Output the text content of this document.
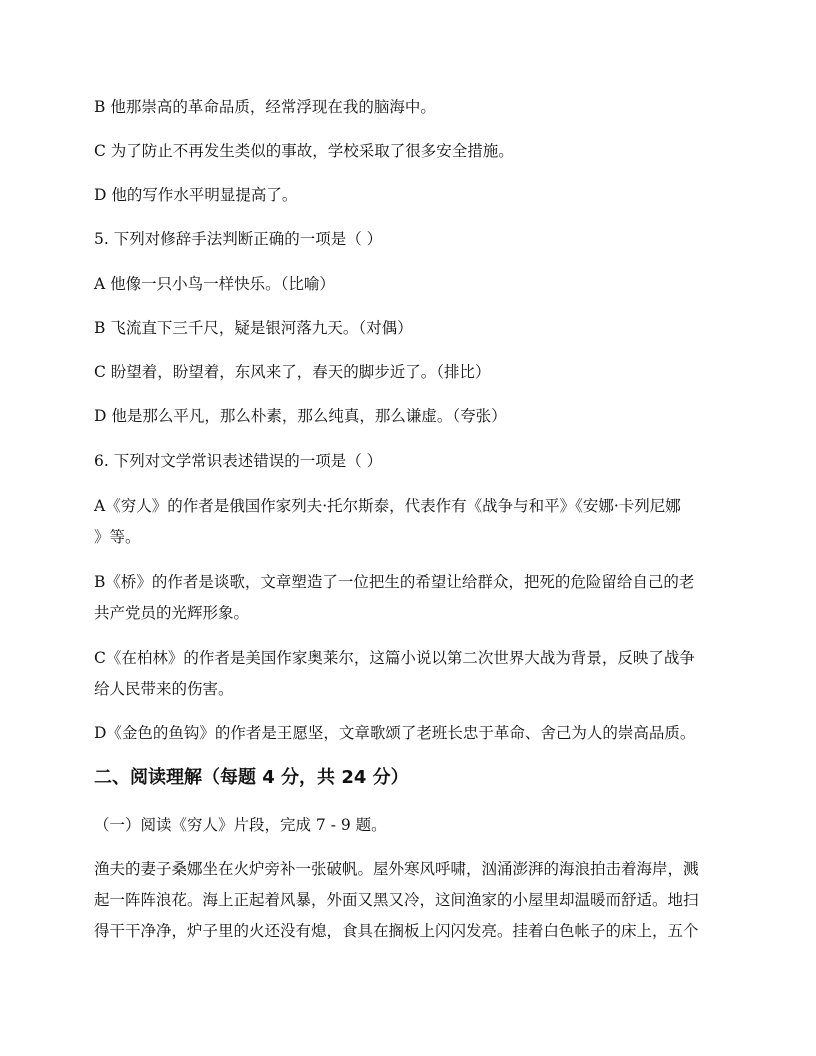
B 他那崇高的革命品质，经常浮现在我的脑海中。
C 为了防止不再发生类似的事故，学校采取了很多安全措施。
D 他的写作水平明显提高了。
5. 下列对修辞手法判断正确的一项是（ ）
A 他像一只小鸟一样快乐。（比喻）
B 飞流直下三千尺，疑是银河落九天。（对偶）
C 盼望着，盼望着，东风来了，春天的脚步近了。（排比）
D 他是那么平凡，那么朴素，那么纯真，那么谦虚。（夸张）
6. 下列对文学常识表述错误的一项是（ ）
A《穷人》的作者是俄国作家列夫·托尔斯泰，代表作有《战争与和平》《安娜·卡列尼娜
》等。
B《桥》的作者是谈歌，文章塑造了一位把生的希望让给群众，把死的危险留给自己的老
共产党员的光辉形象。
C《在柏林》的作者是美国作家奥莱尔，这篇小说以第二次世界大战为背景，反映了战争
给人民带来的伤害。
D《金色的鱼钩》的作者是王愿坚，文章歌颂了老班长忠于革命、舍己为人的崇高品质。
二、阅读理解（每题 4 分，共 24 分）
（一）阅读《穷人》片段，完成 7 - 9 题。
渔夫的妻子桑娜坐在火炉旁补一张破帆。屋外寒风呼啸，汹涌澎湃的海浪拍击着海岸，溅
起一阵阵浪花。海上正起着风暴，外面又黑又冷，这间渔家的小屋里却温暖而舒适。地扫
得干干净净，炉子里的火还没有熄，食具在搁板上闪闪发亮。挂着白色帐子的床上，五个
